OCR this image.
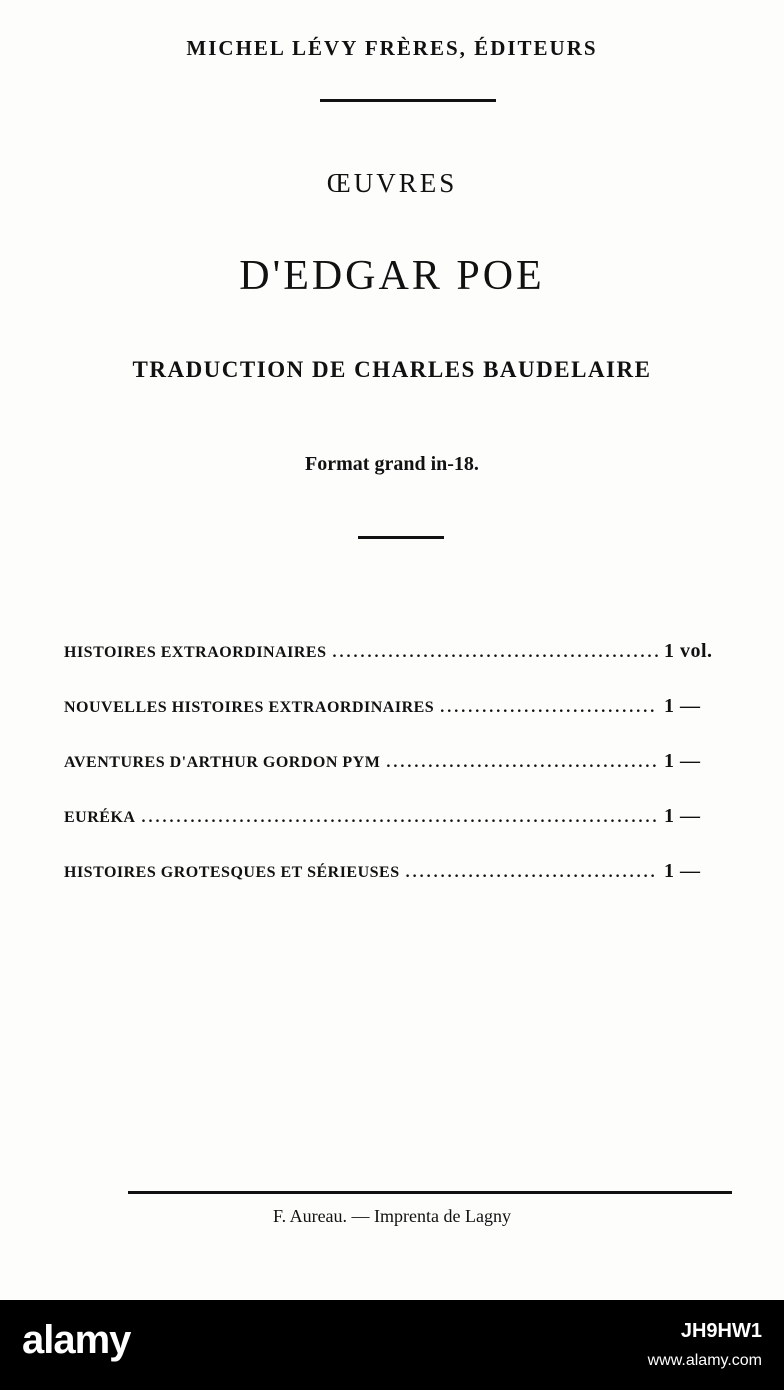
MICHEL LÉVY FRÈRES, ÉDITEURS
ŒUVRES
D'EDGAR POE
TRADUCTION DE CHARLES BAUDELAIRE
Format grand in-18.
HISTOIRES EXTRAORDINAIRES .....	1 vol.
NOUVELLES HISTOIRES EXTRAORDINAIRES .....	1 —
AVENTURES D'ARTHUR GORDON PYM .....	1 —
EURÉKA .....	1 —
HISTOIRES GROTESQUES ET SÉRIEUSES .....	1 —
F. Aureau. — Imprenta de Lagny
alamy	JH9HW1
www.alamy.com
